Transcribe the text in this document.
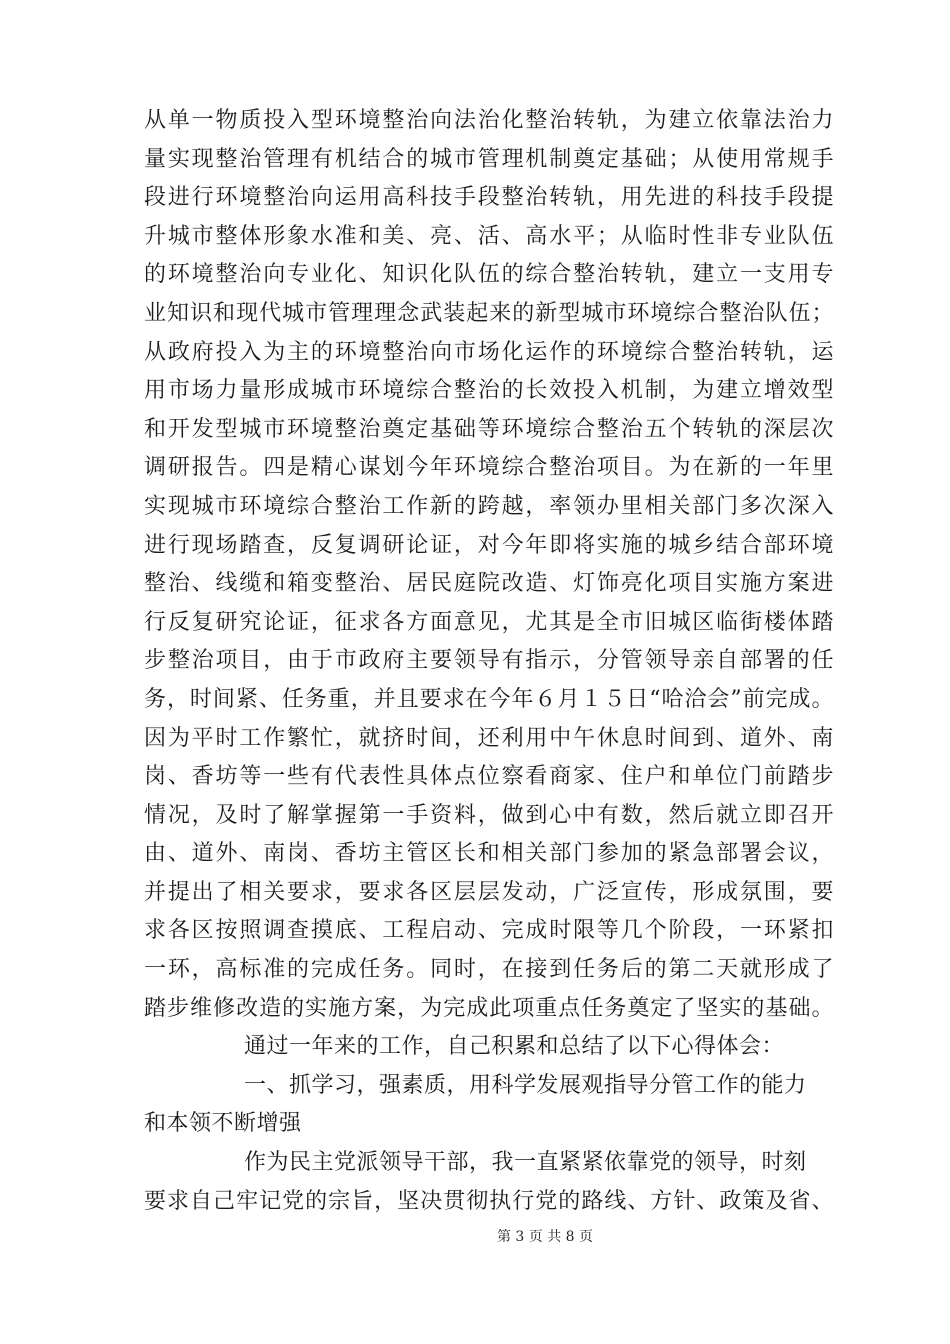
从单一物质投入型环境整治向法治化整治转轨，为建立依靠法治力
量实现整治管理有机结合的城市管理机制奠定基础；从使用常规手
段进行环境整治向运用高科技手段整治转轨，用先进的科技手段提
升城市整体形象水准和美、亮、活、高水平；从临时性非专业队伍
的环境整治向专业化、知识化队伍的综合整治转轨，建立一支用专
业知识和现代城市管理理念武装起来的新型城市环境综合整治队伍；
从政府投入为主的环境整治向市场化运作的环境综合整治转轨，运
用市场力量形成城市环境综合整治的长效投入机制，为建立增效型
和开发型城市环境整治奠定基础等环境综合整治五个转轨的深层次
调研报告。四是精心谋划今年环境综合整治项目。为在新的一年里
实现城市环境综合整治工作新的跨越，率领办里相关部门多次深入
进行现场踏查，反复调研论证，对今年即将实施的城乡结合部环境
整治、线缆和箱变整治、居民庭院改造、灯饰亮化项目实施方案进
行反复研究论证，征求各方面意见，尤其是全市旧城区临街楼体踏
步整治项目，由于市政府主要领导有指示，分管领导亲自部署的任
务，时间紧、任务重，并且要求在今年６月１５日“哈洽会”前完成。
因为平时工作繁忙，就挤时间，还利用中午休息时间到、道外、南
岗、香坊等一些有代表性具体点位察看商家、住户和单位门前踏步
情况，及时了解掌握第一手资料，做到心中有数，然后就立即召开
由、道外、南岗、香坊主管区长和相关部门参加的紧急部署会议，
并提出了相关要求，要求各区层层发动，广泛宣传，形成氛围，要
求各区按照调查摸底、工程启动、完成时限等几个阶段，一环紧扣
一环，高标准的完成任务。同时，在接到任务后的第二天就形成了
踏步维修改造的实施方案，为完成此项重点任务奠定了坚实的基础。
通过一年来的工作，自己积累和总结了以下心得体会：
一、抓学习，强素质，用科学发展观指导分管工作的能力
和本领不断增强
作为民主党派领导干部，我一直紧紧依靠党的领导，时刻
要求自己牢记党的宗旨，坚决贯彻执行党的路线、方针、政策及省、
第 3 页 共 8 页
